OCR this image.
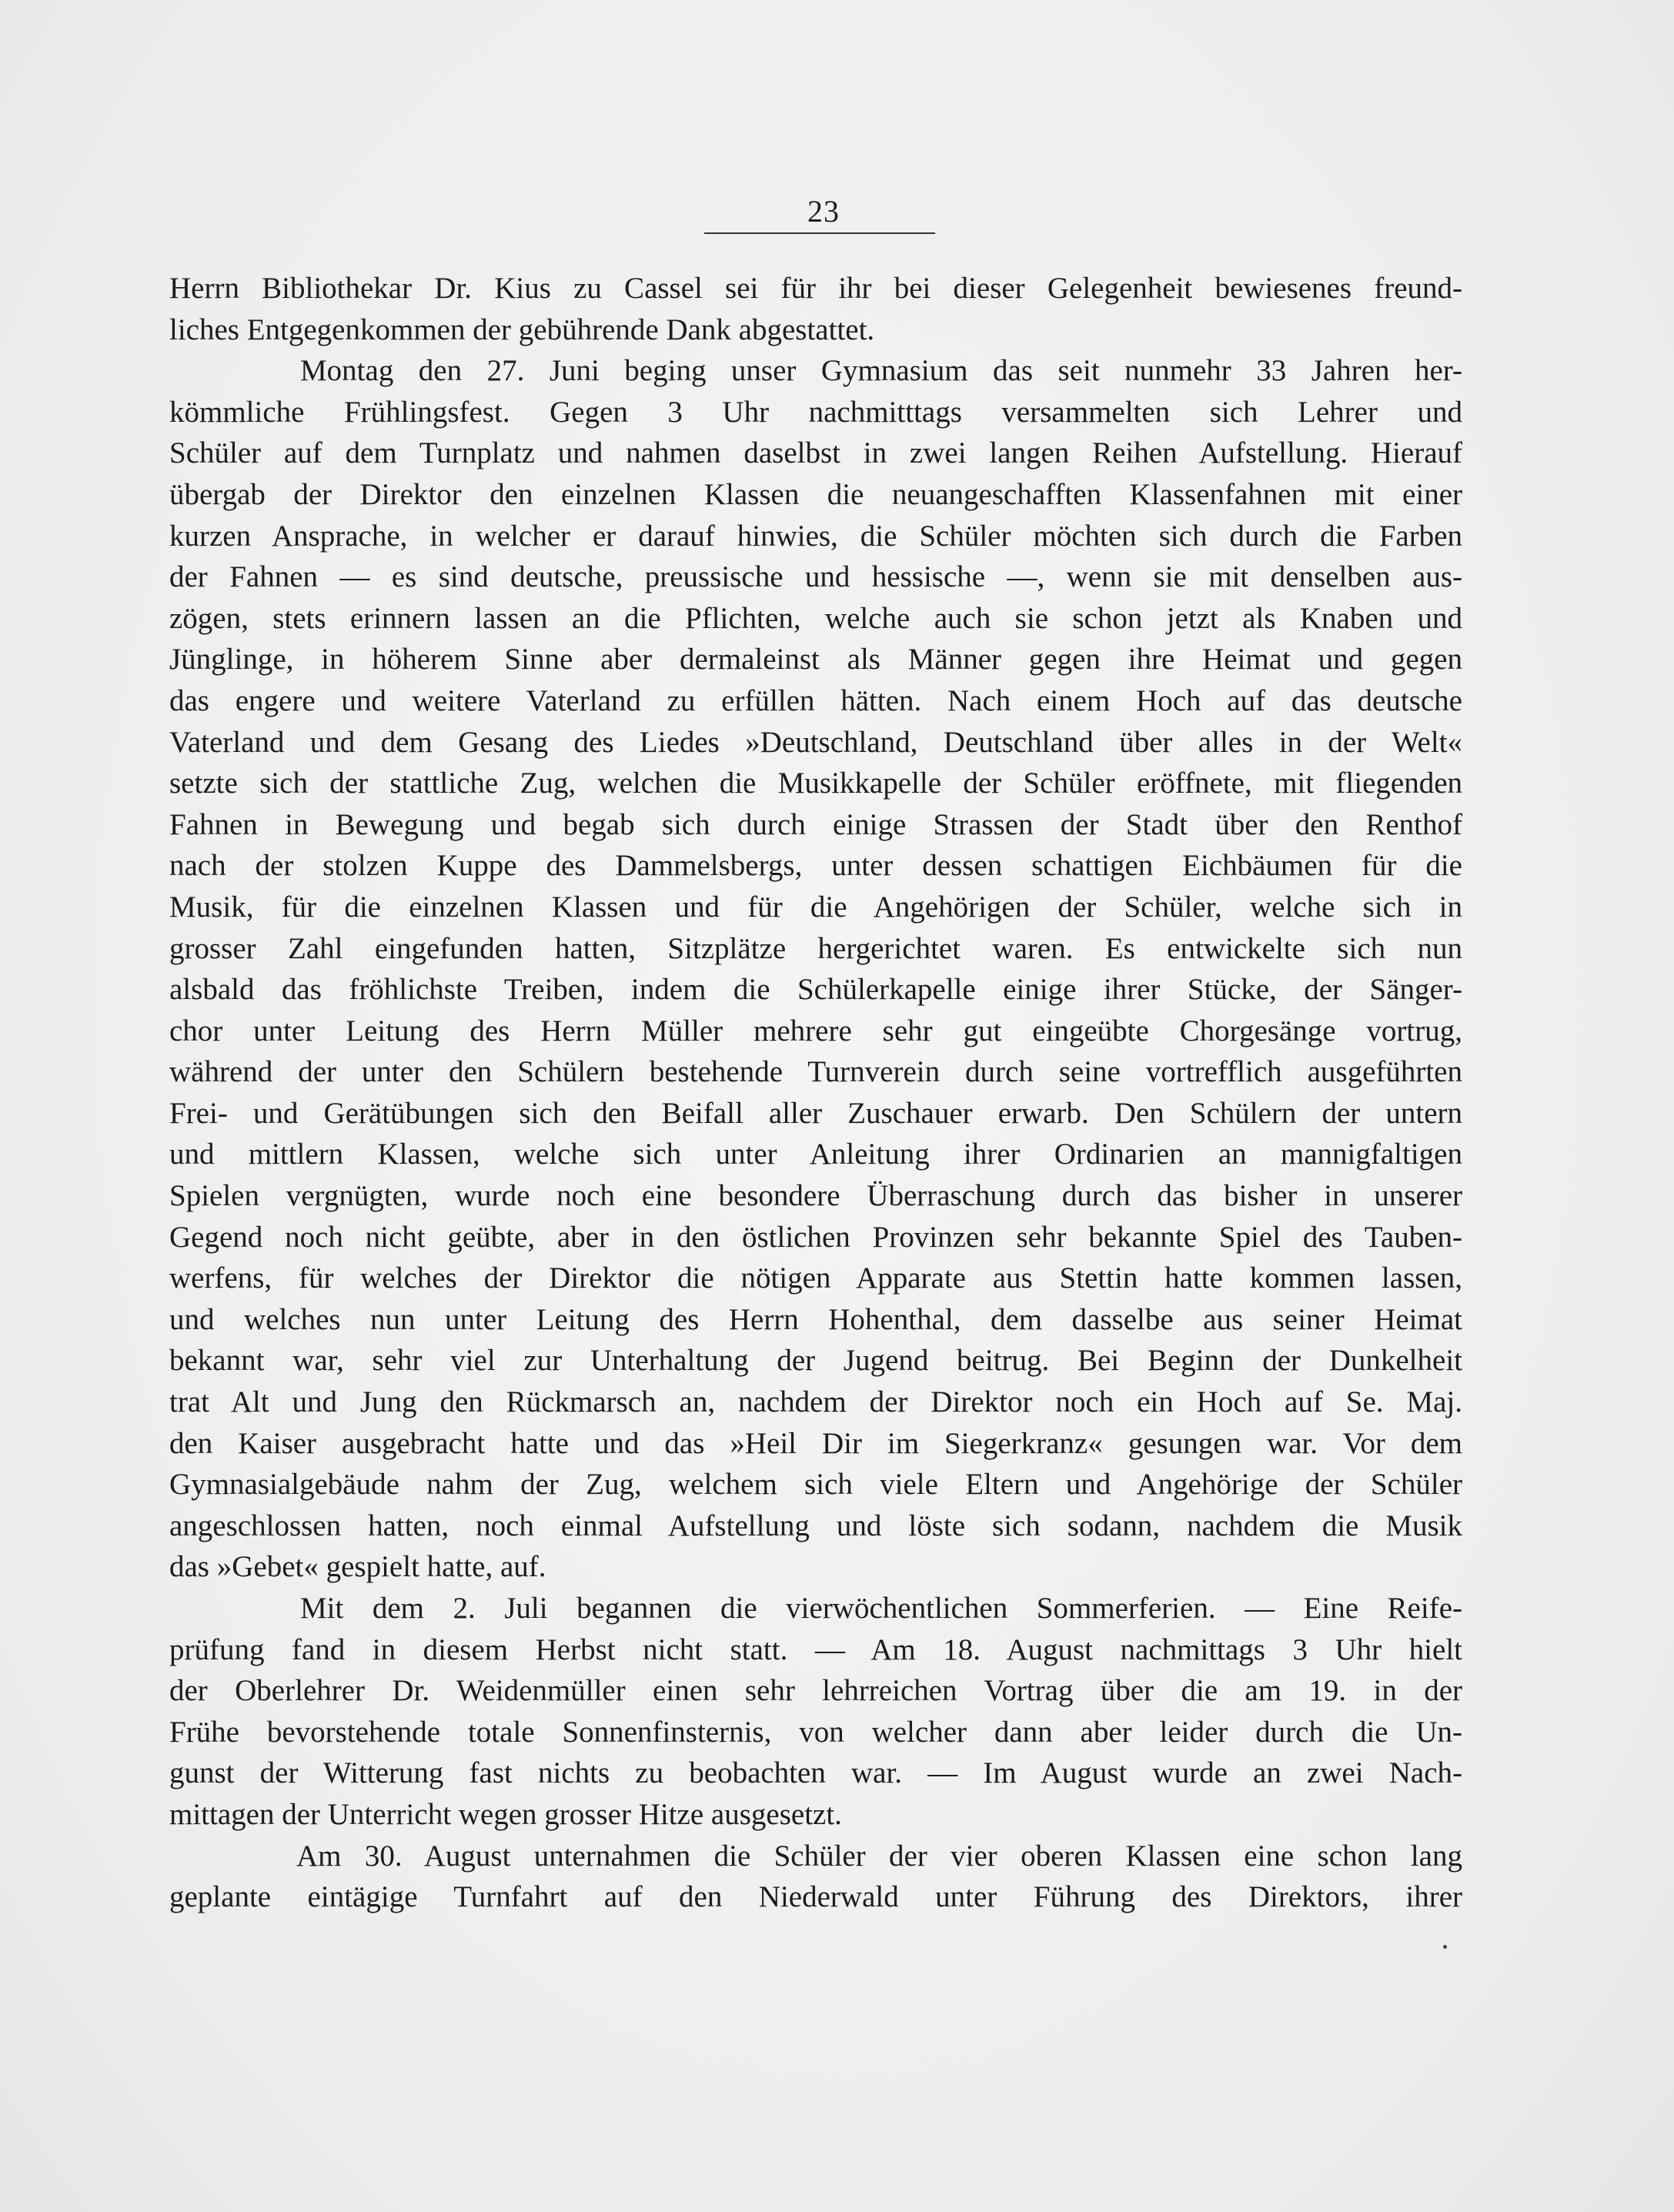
23
Herrn Bibliothekar Dr. Kius zu Cassel sei für ihr bei dieser Gelegenheit bewiesenes freund-
liches Entgegenkommen der gebührende Dank abgestattet.
Montag den 27. Juni beging unser Gymnasium das seit nunmehr 33 Jahren her-
kömmliche Frühlingsfest. Gegen 3 Uhr nachmitttags versammelten sich Lehrer und
Schüler auf dem Turnplatz und nahmen daselbst in zwei langen Reihen Aufstellung. Hierauf
übergab der Direktor den einzelnen Klassen die neuangeschafften Klassenfahnen mit einer
kurzen Ansprache, in welcher er darauf hinwies, die Schüler möchten sich durch die Farben
der Fahnen — es sind deutsche, preussische und hessische —, wenn sie mit denselben aus-
zögen, stets erinnern lassen an die Pflichten, welche auch sie schon jetzt als Knaben und
Jünglinge, in höherem Sinne aber dermaleinst als Männer gegen ihre Heimat und gegen
das engere und weitere Vaterland zu erfüllen hätten. Nach einem Hoch auf das deutsche
Vaterland und dem Gesang des Liedes »Deutschland, Deutschland über alles in der Welt«
setzte sich der stattliche Zug, welchen die Musikkapelle der Schüler eröffnete, mit fliegenden
Fahnen in Bewegung und begab sich durch einige Strassen der Stadt über den Renthof
nach der stolzen Kuppe des Dammelsbergs, unter dessen schattigen Eichbäumen für die
Musik, für die einzelnen Klassen und für die Angehörigen der Schüler, welche sich in
grosser Zahl eingefunden hatten, Sitzplätze hergerichtet waren. Es entwickelte sich nun
alsbald das fröhlichste Treiben, indem die Schülerkapelle einige ihrer Stücke, der Sänger-
chor unter Leitung des Herrn Müller mehrere sehr gut eingeübte Chorgesänge vortrug,
während der unter den Schülern bestehende Turnverein durch seine vortrefflich ausgeführten
Frei- und Gerätübungen sich den Beifall aller Zuschauer erwarb. Den Schülern der untern
und mittlern Klassen, welche sich unter Anleitung ihrer Ordinarien an mannigfaltigen
Spielen vergnügten, wurde noch eine besondere Überraschung durch das bisher in unserer
Gegend noch nicht geübte, aber in den östlichen Provinzen sehr bekannte Spiel des Tauben-
werfens, für welches der Direktor die nötigen Apparate aus Stettin hatte kommen lassen,
und welches nun unter Leitung des Herrn Hohenthal, dem dasselbe aus seiner Heimat
bekannt war, sehr viel zur Unterhaltung der Jugend beitrug. Bei Beginn der Dunkelheit
trat Alt und Jung den Rückmarsch an, nachdem der Direktor noch ein Hoch auf Se. Maj.
den Kaiser ausgebracht hatte und das »Heil Dir im Siegerkranz« gesungen war. Vor dem
Gymnasialgebäude nahm der Zug, welchem sich viele Eltern und Angehörige der Schüler
angeschlossen hatten, noch einmal Aufstellung und löste sich sodann, nachdem die Musik
das »Gebet« gespielt hatte, auf.
Mit dem 2. Juli begannen die vierwöchentlichen Sommerferien. — Eine Reife-
prüfung fand in diesem Herbst nicht statt. — Am 18. August nachmittags 3 Uhr hielt
der Oberlehrer Dr. Weidenmüller einen sehr lehrreichen Vortrag über die am 19. in der
Frühe bevorstehende totale Sonnenfinsternis, von welcher dann aber leider durch die Un-
gunst der Witterung fast nichts zu beobachten war. — Im August wurde an zwei Nach-
mittagen der Unterricht wegen grosser Hitze ausgesetzt.
Am 30. August unternahmen die Schüler der vier oberen Klassen eine schon lang
geplante eintägige Turnfahrt auf den Niederwald unter Führung des Direktors, ihrer
